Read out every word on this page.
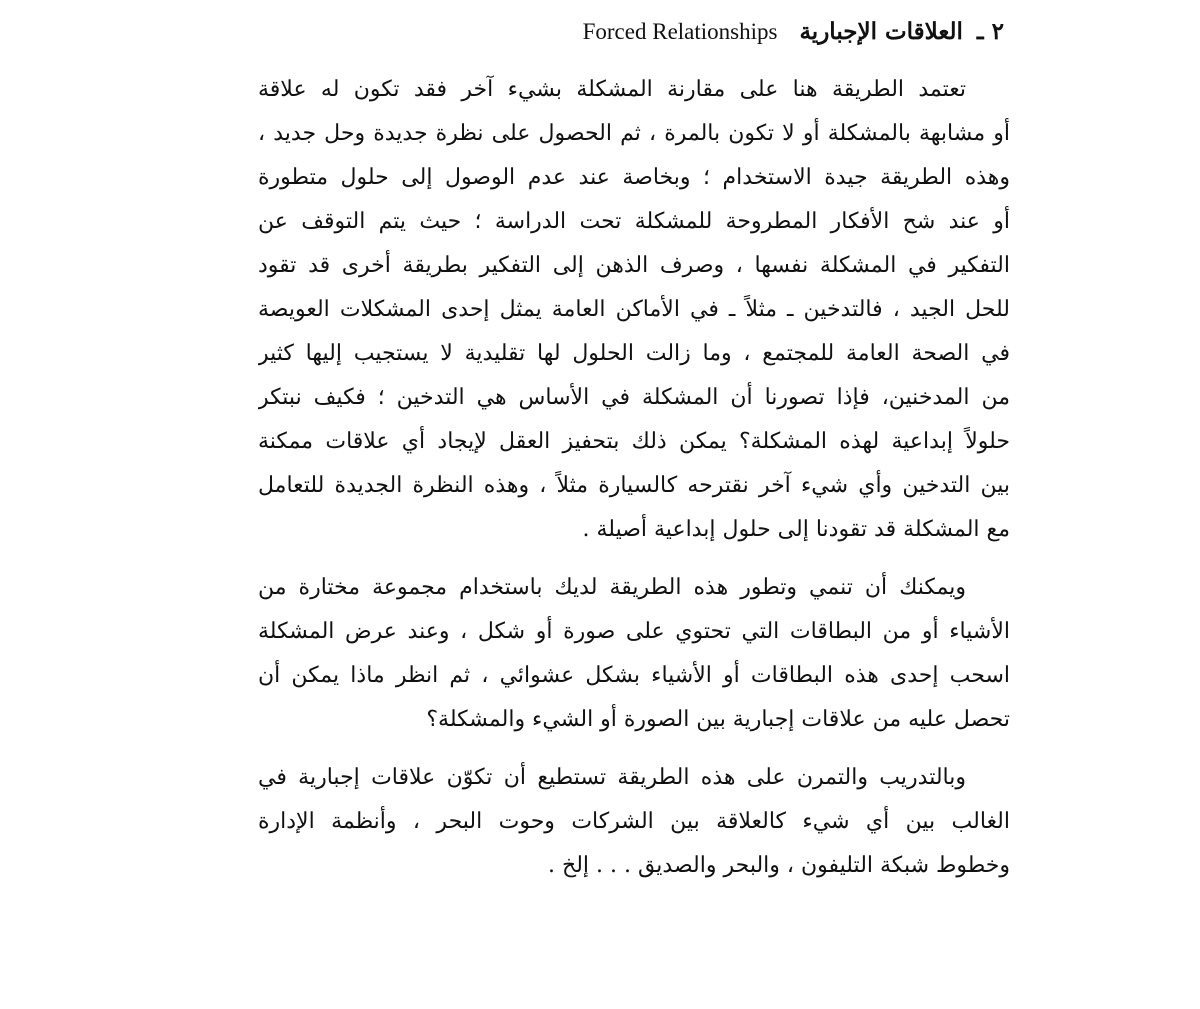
٢ ـ العلاقات الإجبارية Forced Relationships
تعتمد الطريقة هنا على مقارنة المشكلة بشيء آخر فقد تكون له علاقة
أو مشابهة بالمشكلة أو لا تكون بالمرة ، ثم الحصول على نظرة جديدة وحل جديد ،
وهذه الطريقة جيدة الاستخدام ؛ وبخاصة عند عدم الوصول إلى حلول متطورة
أو عند شح الأفكار المطروحة للمشكلة تحت الدراسة ؛ حيث يتم التوقف عن
التفكير في المشكلة نفسها ، وصرف الذهن إلى التفكير بطريقة أخرى قد تقود
للحل الجيد ، فالتدخين ـ مثلاً ـ في الأماكن العامة يمثل إحدى المشكلات العويصة
في الصحة العامة للمجتمع ، وما زالت الحلول لها تقليدية لا يستجيب إليها كثير
من المدخنين، فإذا تصورنا أن المشكلة في الأساس هي التدخين ؛ فكيف نبتكر
حلولاً إبداعية لهذه المشكلة؟ يمكن ذلك بتحفيز العقل لإيجاد أي علاقات ممكنة
بين التدخين وأي شيء آخر نقترحه كالسيارة مثلاً ، وهذه النظرة الجديدة للتعامل
مع المشكلة قد تقودنا إلى حلول إبداعية أصيلة .
ويمكنك أن تنمي وتطور هذه الطريقة لديك باستخدام مجموعة مختارة من
الأشياء أو من البطاقات التي تحتوي على صورة أو شكل ، وعند عرض المشكلة
اسحب إحدى هذه البطاقات أو الأشياء بشكل عشوائي ، ثم انظر ماذا يمكن أن
تحصل عليه من علاقات إجبارية بين الصورة أو الشيء والمشكلة؟
وبالتدريب والتمرن على هذه الطريقة تستطيع أن تكوّن علاقات إجبارية في
الغالب بين أي شيء كالعلاقة بين الشركات وحوت البحر ، وأنظمة الإدارة
وخطوط شبكة التليفون ، والبحر والصديق . . . إلخ .
